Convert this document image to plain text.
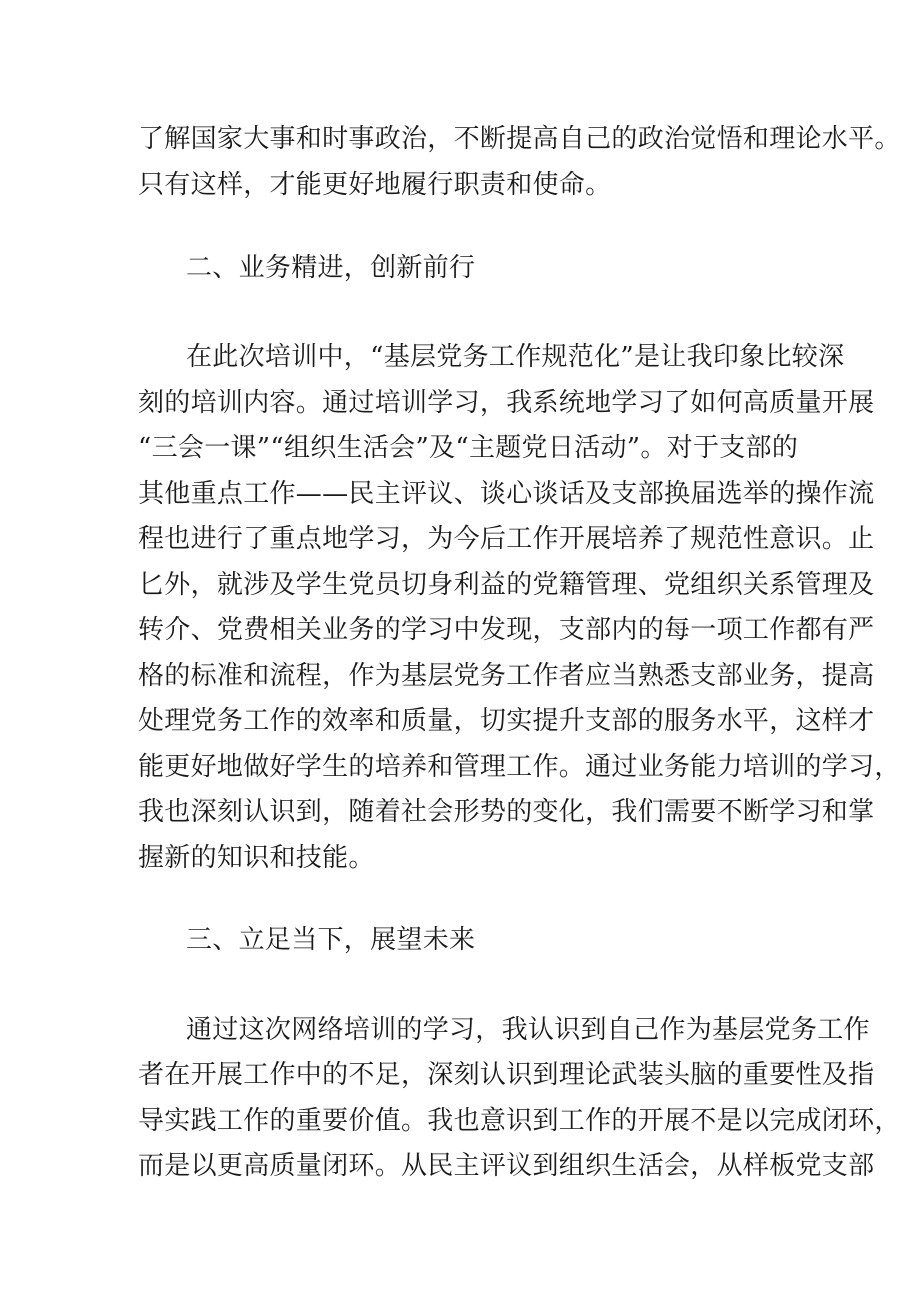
了解国家大事和时事政治，不断提高自己的政治觉悟和理论水平。
只有这样，才能更好地履行职责和使命。
二、业务精进，创新前行
在此次培训中，“基层党务工作规范化”是让我印象比较深
刻的培训内容。通过培训学习，我系统地学习了如何高质量开展
“三会一课”“组织生活会”及“主题党日活动”。对于支部的
其他重点工作——民主评议、谈心谈话及支部换届选举的操作流
程也进行了重点地学习，为今后工作开展培养了规范性意识。止
匕外，就涉及学生党员切身利益的党籍管理、党组织关系管理及
转介、党费相关业务的学习中发现，支部内的每一项工作都有严
格的标准和流程，作为基层党务工作者应当熟悉支部业务，提高
处理党务工作的效率和质量，切实提升支部的服务水平，这样才
能更好地做好学生的培养和管理工作。通过业务能力培训的学习，
我也深刻认识到，随着社会形势的变化，我们需要不断学习和掌
握新的知识和技能。
三、立足当下，展望未来
通过这次网络培训的学习，我认识到自己作为基层党务工作
者在开展工作中的不足，深刻认识到理论武装头脑的重要性及指
导实践工作的重要价值。我也意识到工作的开展不是以完成闭环，
而是以更高质量闭环。从民主评议到组织生活会，从样板党支部
